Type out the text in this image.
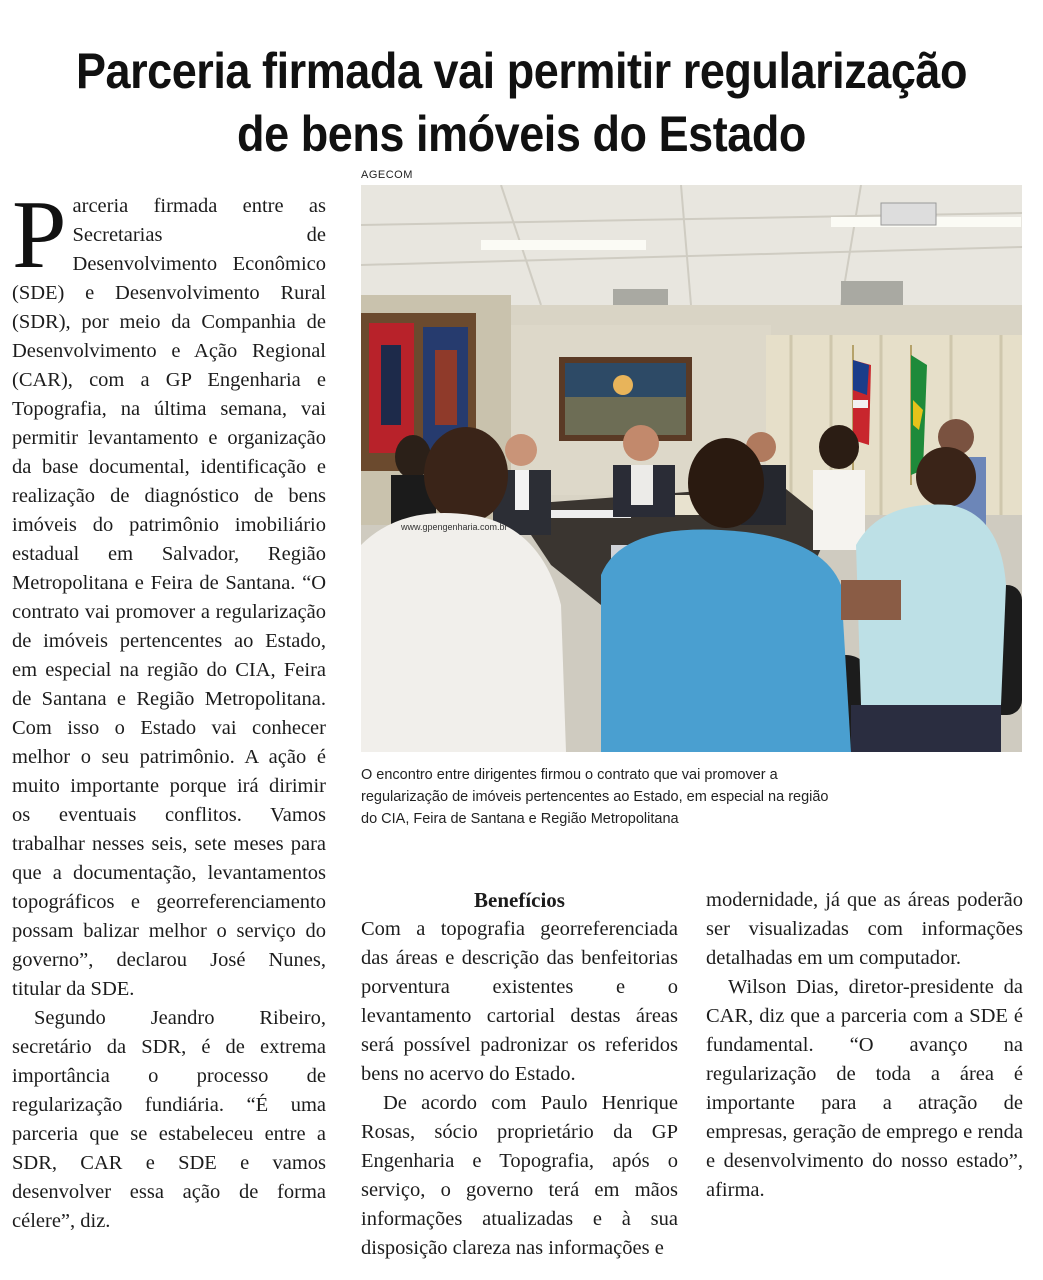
Parceria firmada vai permitir regularização
de bens imóveis do Estado

Parceria firmada entre as Secretarias de Desenvolvimento Econômico (SDE) e Desenvolvimento Rural (SDR), por meio da Companhia de Desenvolvimento e Ação Regional (CAR), com a GP Engenharia e Topografia, na última semana, vai permitir levantamento e organização da base documental, identificação e realização de diagnóstico de bens imóveis do patrimônio imobiliário estadual em Salvador, Região Metropolitana e Feira de Santana. “O contrato vai promover a regularização de imóveis pertencentes ao Estado, em especial na região do CIA, Feira de Santana e Região Metropolitana. Com isso o Estado vai conhecer melhor o seu patrimônio. A ação é muito importante porque irá dirimir os eventuais conflitos. Vamos trabalhar nesses seis, sete meses para que a documentação, levantamentos topográficos e georreferenciamento possam balizar melhor o serviço do governo”, declarou José Nunes, titular da SDE.

Segundo Jeandro Ribeiro, secretário da SDR, é de extrema importância o processo de regularização fundiária. “É uma parceria que se estabeleceu entre a SDR, CAR e SDE e vamos desenvolver essa ação de forma célere”, diz.

AGECOM
www.gpengenharia.com.br
O encontro entre dirigentes firmou o contrato que vai promover a
regularização de imóveis pertencentes ao Estado, em especial na região
do CIA, Feira de Santana e Região Metropolitana
Benefícios

Com a topografia georreferenciada das áreas e descrição das benfeitorias porventura existentes e o levantamento cartorial destas áreas será possível padronizar os referidos bens no acervo do Estado.

De acordo com Paulo Henrique Rosas, sócio proprietário da GP Engenharia e Topografia, após o serviço, o governo terá em mãos informações atualizadas e à sua disposição clareza nas informações e

modernidade, já que as áreas poderão ser visualizadas com informações detalhadas em um computador.

Wilson Dias, diretor-presidente da CAR, diz que a parceria com a SDE é fundamental. “O avanço na regularização de toda a área é importante para a atração de empresas, geração de emprego e renda e desenvolvimento do nosso estado”, afirma.
